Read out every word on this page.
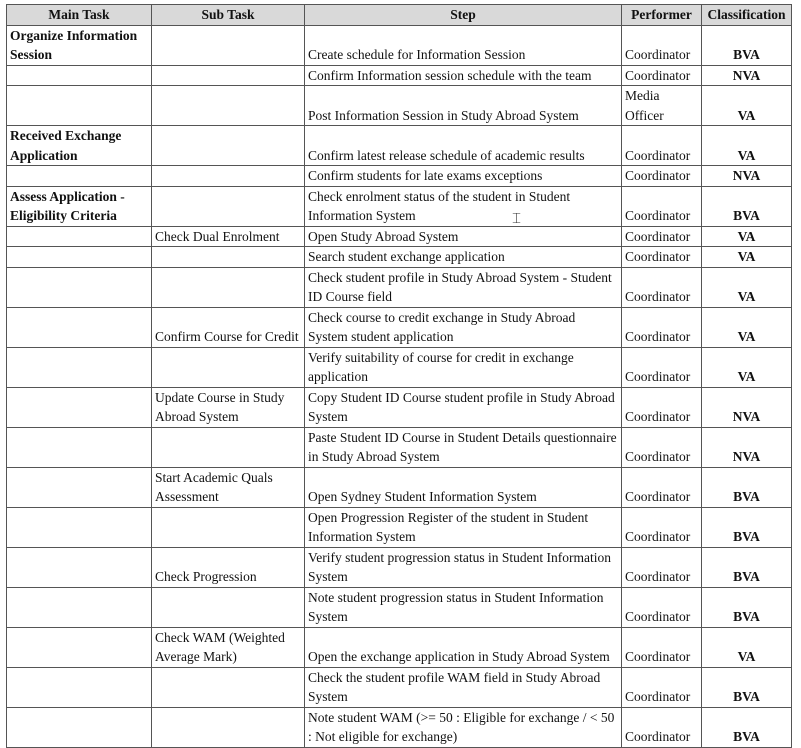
Main Task	Sub Task	Step	Performer	Classification
Organize Information Session		Create schedule for Information Session	Coordinator	BVA
		Confirm Information session schedule with the team	Coordinator	NVA
		Post Information Session in Study Abroad System	Media Officer	VA
Received Exchange Application		Confirm latest release schedule of academic results	Coordinator	VA
		Confirm students for late exams exceptions	Coordinator	NVA
Assess Application - Eligibility Criteria		Check enrolment status of the student in Student Information System	Coordinator	BVA
	Check Dual Enrolment	Open Study Abroad System	Coordinator	VA
		Search student exchange application	Coordinator	VA
		Check student profile in Study Abroad System - Student ID Course field	Coordinator	VA
	Confirm Course for Credit	Check course to credit exchange in Study Abroad System student application	Coordinator	VA
		Verify suitability of course for credit in exchange application	Coordinator	VA
	Update Course in Study Abroad System	Copy Student ID Course student profile in Study Abroad System	Coordinator	NVA
		Paste Student ID Course in Student Details questionnaire in Study Abroad System	Coordinator	NVA
	Start Academic Quals Assessment	Open Sydney Student Information System	Coordinator	BVA
		Open Progression Register of the student in Student Information System	Coordinator	BVA
	Check Progression	Verify student progression status in Student Information System	Coordinator	BVA
		Note student progression status in Student Information System	Coordinator	BVA
	Check WAM (Weighted Average Mark)	Open the exchange application in Study Abroad System	Coordinator	VA
		Check the student profile WAM field in Study Abroad System	Coordinator	BVA
		Note student WAM (>= 50 : Eligible for exchange / < 50 : Not eligible for exchange)	Coordinator	BVA
⌶
